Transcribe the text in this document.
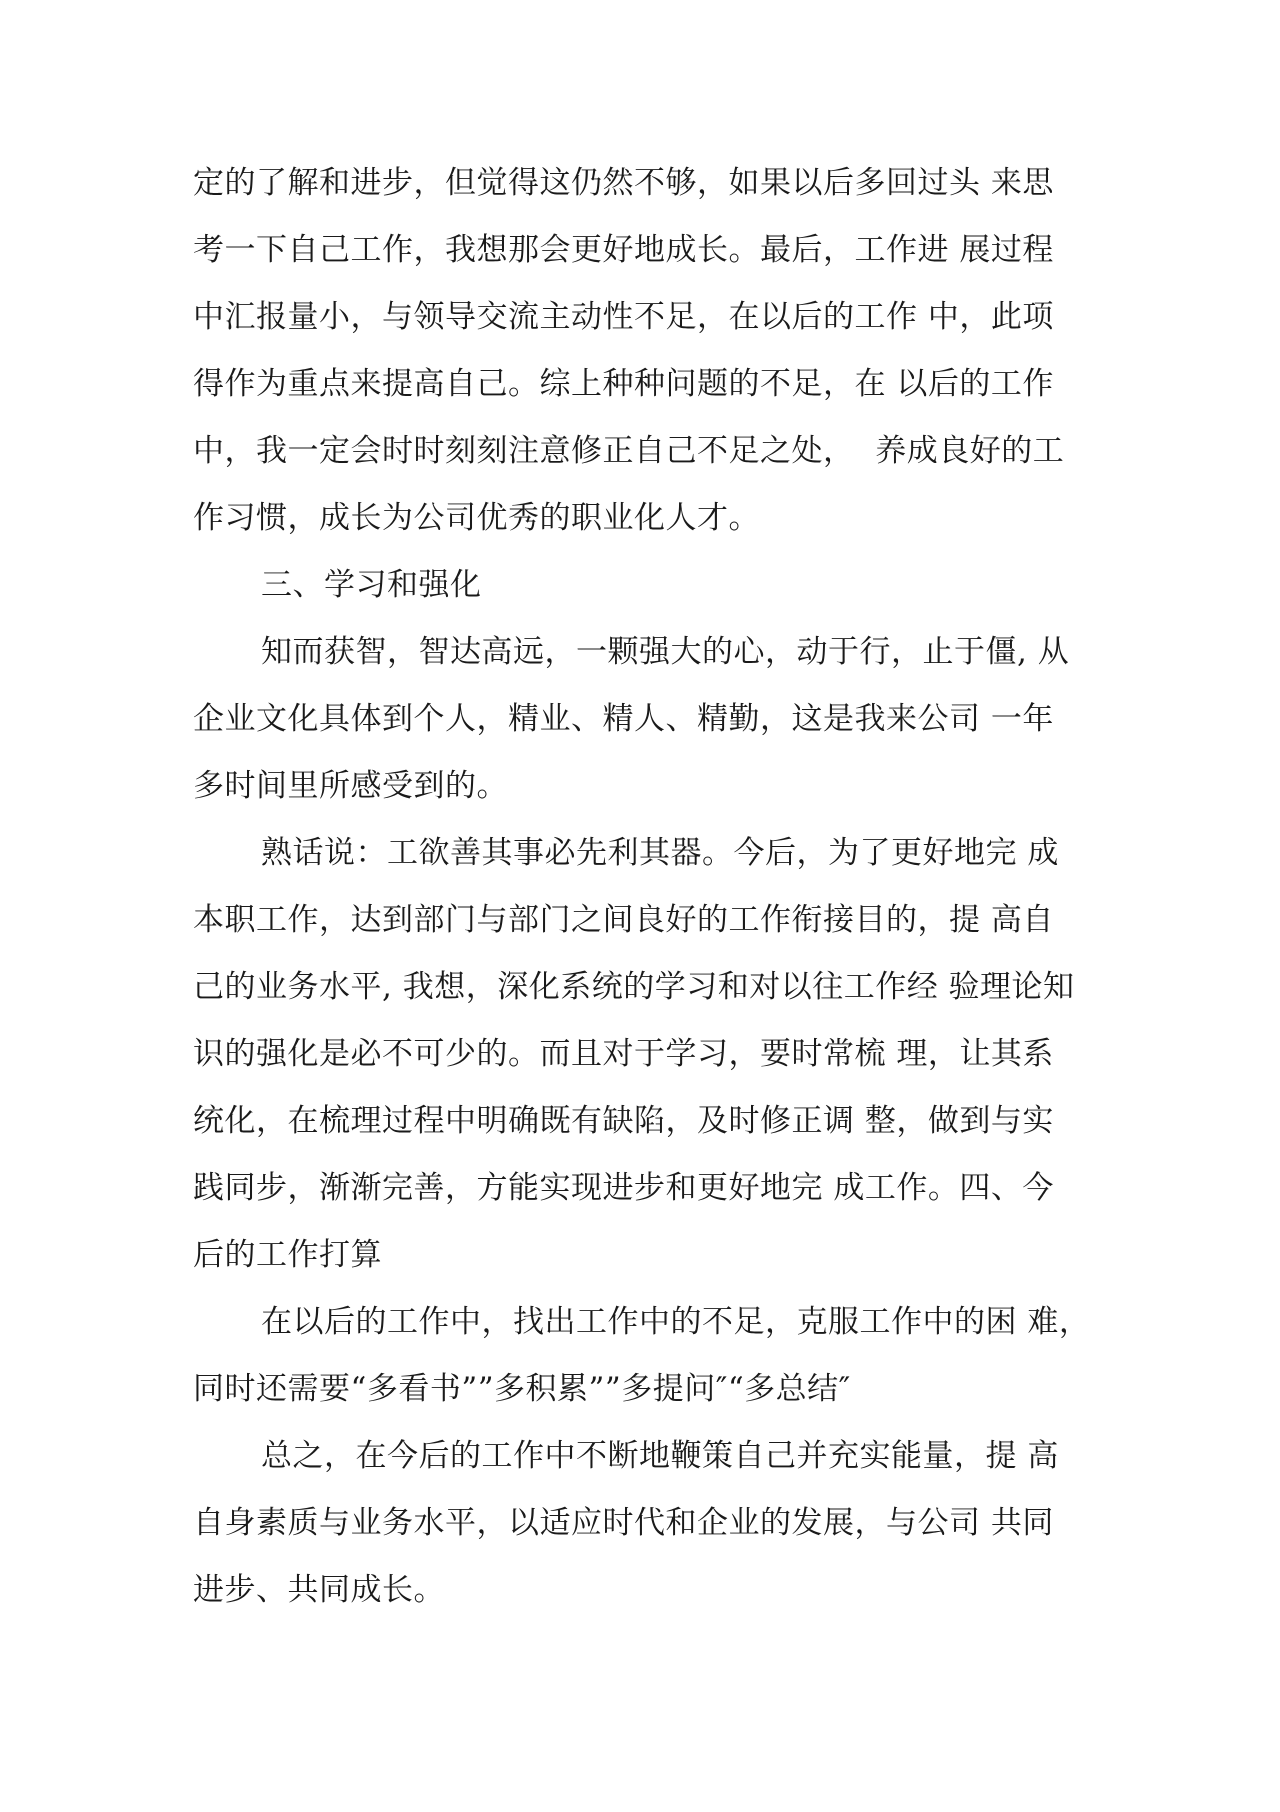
定的了解和进步，但觉得这仍然不够，如果以后多回过头 来思
考一下自己工作，我想那会更好地成长。最后，工作进 展过程
中汇报量小，与领导交流主动性不足，在以后的工作 中，此项
得作为重点来提高自己。综上种种问题的不足，在 以后的工作
中，我一定会时时刻刻注意修正自己不足之处，  养成良好的工
作习惯，成长为公司优秀的职业化人才。
三、学习和强化
知而获智，智达高远，一颗强大的心，动于行，止于僵, 从
企业文化具体到个人，精业、精人、精勤，这是我来公司 一年
多时间里所感受到的。
熟话说：工欲善其事必先利其器。今后，为了更好地完 成
本职工作，达到部门与部门之间良好的工作衔接目的，提 高自
己的业务水平, 我想，深化系统的学习和对以往工作经 验理论知
识的强化是必不可少的。而且对于学习，要时常梳 理，让其系
统化，在梳理过程中明确既有缺陷，及时修正调 整，做到与实
践同步，渐渐完善，方能实现进步和更好地完 成工作。四、今
后的工作打算
在以后的工作中，找出工作中的不足，克服工作中的困 难，
同时还需要“多看书””多积累””多提问″“多总结″
总之，在今后的工作中不断地鞭策自己并充实能量，提 高
自身素质与业务水平，以适应时代和企业的发展，与公司 共同
进步、共同成长。
